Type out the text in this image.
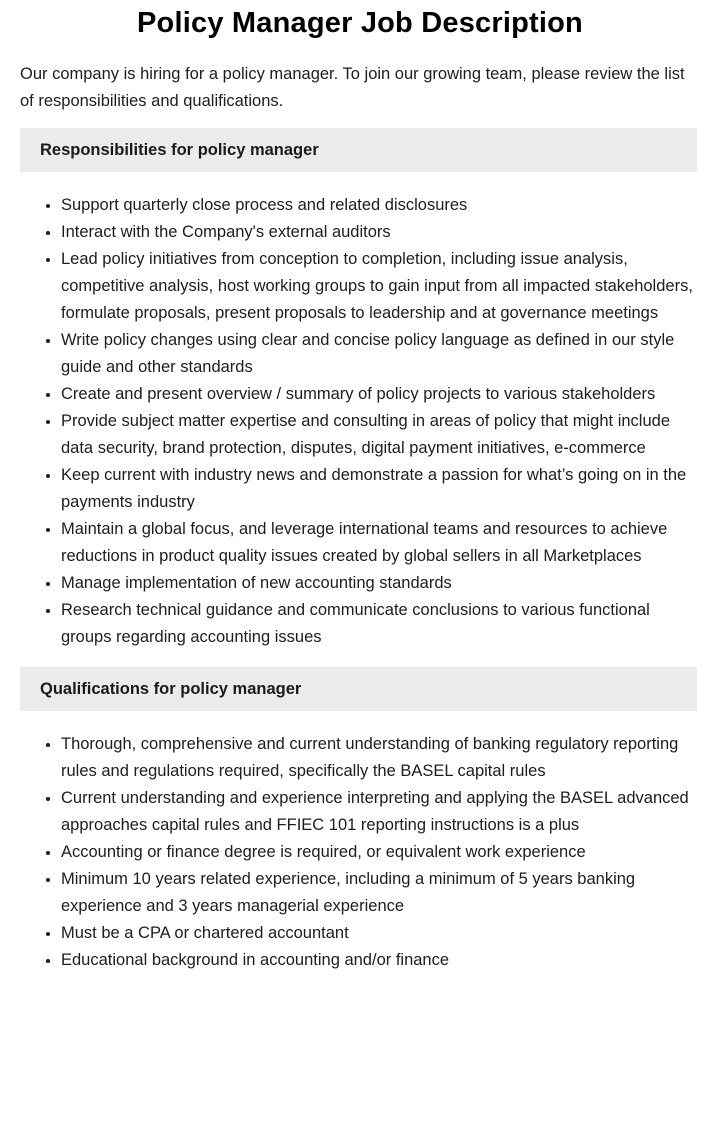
Policy Manager Job Description

Our company is hiring for a policy manager. To join our growing team, please review the list of responsibilities and qualifications.

Responsibilities for policy manager
• Support quarterly close process and related disclosures
• Interact with the Company's external auditors
• Lead policy initiatives from conception to completion, including issue analysis, competitive analysis, host working groups to gain input from all impacted stakeholders, formulate proposals, present proposals to leadership and at governance meetings
• Write policy changes using clear and concise policy language as defined in our style guide and other standards
• Create and present overview / summary of policy projects to various stakeholders
• Provide subject matter expertise and consulting in areas of policy that might include data security, brand protection, disputes, digital payment initiatives, e-commerce
• Keep current with industry news and demonstrate a passion for what’s going on in the payments industry
• Maintain a global focus, and leverage international teams and resources to achieve reductions in product quality issues created by global sellers in all Marketplaces
• Manage implementation of new accounting standards
• Research technical guidance and communicate conclusions to various functional groups regarding accounting issues
Qualifications for policy manager
• Thorough, comprehensive and current understanding of banking regulatory reporting rules and regulations required, specifically the BASEL capital rules
• Current understanding and experience interpreting and applying the BASEL advanced approaches capital rules and FFIEC 101 reporting instructions is a plus
• Accounting or finance degree is required, or equivalent work experience
• Minimum 10 years related experience, including a minimum of 5 years banking experience and 3 years managerial experience
• Must be a CPA or chartered accountant
• Educational background in accounting and/or finance
